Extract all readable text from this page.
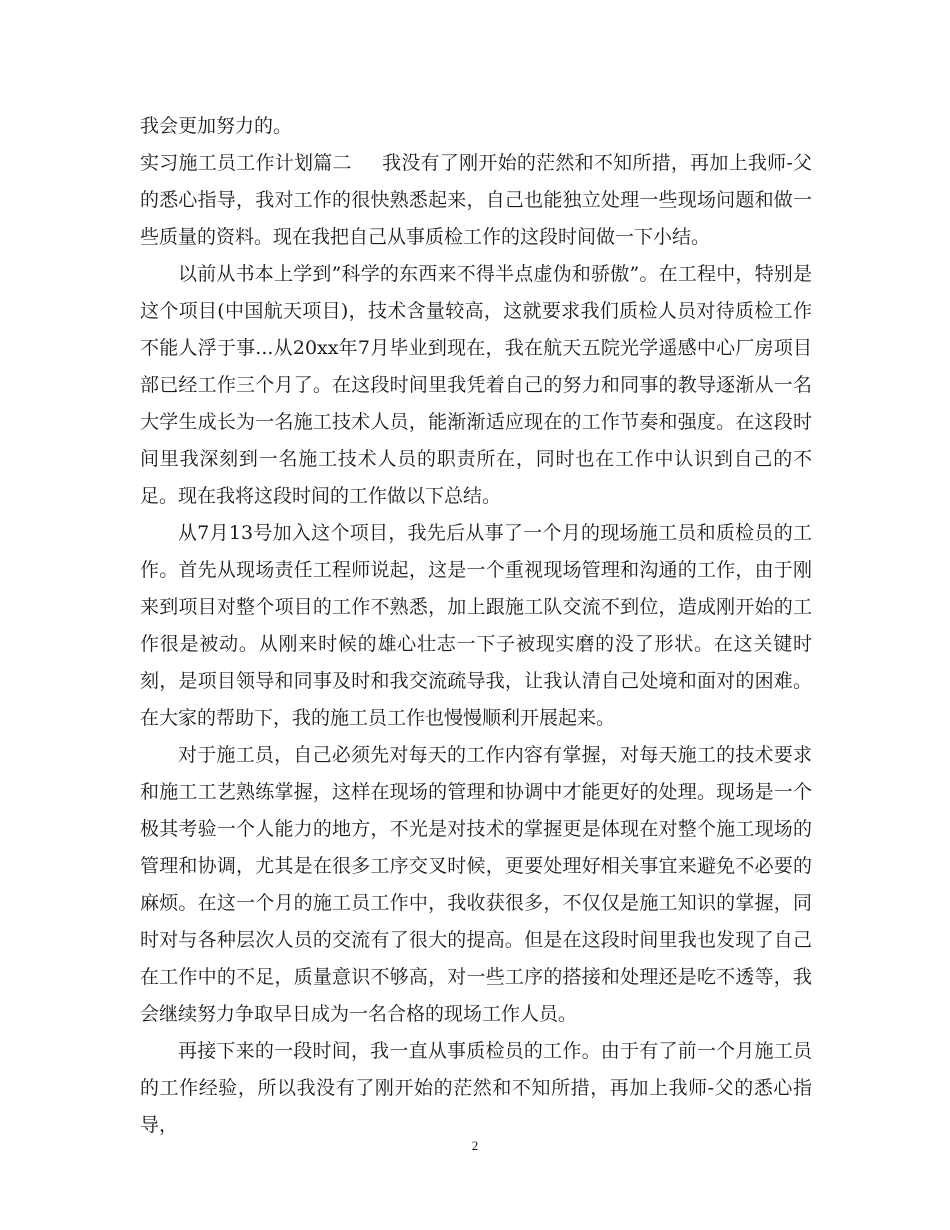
我会更加努力的。

实习施工员工作计划篇二 我没有了刚开始的茫然和不知所措，再加上我师-父的悉心指导，我对工作的很快熟悉起来，自己也能独立处理一些现场问题和做一些质量的资料。现在我把自己从事质检工作的这段时间做一下小结。

以前从书本上学到”科学的东西来不得半点虚伪和骄傲”。在工程中，特别是这个项目(中国航天项目)，技术含量较高，这就要求我们质检人员对待质检工作不能人浮于事...从20xx年7月毕业到现在，我在航天五院光学遥感中心厂房项目部已经工作三个月了。在这段时间里我凭着自己的努力和同事的教导逐渐从一名大学生成长为一名施工技术人员，能渐渐适应现在的工作节奏和强度。在这段时间里我深刻到一名施工技术人员的职责所在，同时也在工作中认识到自己的不足。现在我将这段时间的工作做以下总结。

从7月13号加入这个项目，我先后从事了一个月的现场施工员和质检员的工作。首先从现场责任工程师说起，这是一个重视现场管理和沟通的工作，由于刚来到项目对整个项目的工作不熟悉，加上跟施工队交流不到位，造成刚开始的工作很是被动。从刚来时候的雄心壮志一下子被现实磨的没了形状。在这关键时刻，是项目领导和同事及时和我交流疏导我，让我认清自己处境和面对的困难。在大家的帮助下，我的施工员工作也慢慢顺利开展起来。

对于施工员，自己必须先对每天的工作内容有掌握，对每天施工的技术要求和施工工艺熟练掌握，这样在现场的管理和协调中才能更好的处理。现场是一个极其考验一个人能力的地方，不光是对技术的掌握更是体现在对整个施工现场的管理和协调，尤其是在很多工序交叉时候，更要处理好相关事宜来避免不必要的麻烦。在这一个月的施工员工作中，我收获很多，不仅仅是施工知识的掌握，同时对与各种层次人员的交流有了很大的提高。但是在这段时间里我也发现了自己在工作中的不足，质量意识不够高，对一些工序的搭接和处理还是吃不透等，我会继续努力争取早日成为一名合格的现场工作人员。

再接下来的一段时间，我一直从事质检员的工作。由于有了前一个月施工员的工作经验，所以我没有了刚开始的茫然和不知所措，再加上我师-父的悉心指导，

2
